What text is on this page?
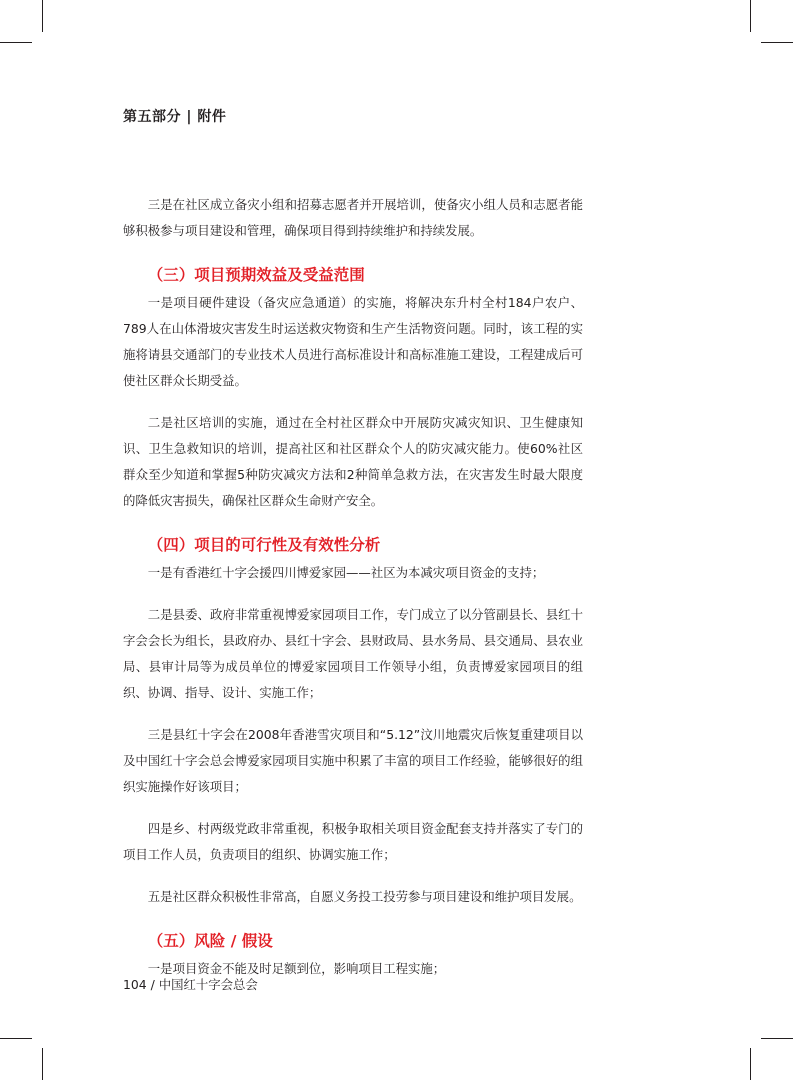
第五部分 | 附件

三是在社区成立备灾小组和招募志愿者并开展培训，使备灾小组人员和志愿者能够积极参与项目建设和管理，确保项目得到持续维护和持续发展。

（三）项目预期效益及受益范围

一是项目硬件建设（备灾应急通道）的实施，将解决东升村全村184户农户、789人在山体滑坡灾害发生时运送救灾物资和生产生活物资问题。同时，该工程的实施将请县交通部门的专业技术人员进行高标准设计和高标准施工建设，工程建成后可使社区群众长期受益。

二是社区培训的实施，通过在全村社区群众中开展防灾减灾知识、卫生健康知识、卫生急救知识的培训，提高社区和社区群众个人的防灾减灾能力。使60%社区群众至少知道和掌握5种防灾减灾方法和2种简单急救方法，在灾害发生时最大限度的降低灾害损失，确保社区群众生命财产安全。

（四）项目的可行性及有效性分析

一是有香港红十字会援四川博爱家园——社区为本减灾项目资金的支持；

二是县委、政府非常重视博爱家园项目工作，专门成立了以分管副县长、县红十字会会长为组长，县政府办、县红十字会、县财政局、县水务局、县交通局、县农业局、县审计局等为成员单位的博爱家园项目工作领导小组，负责博爱家园项目的组织、协调、指导、设计、实施工作；

三是县红十字会在2008年香港雪灾项目和“5.12”汶川地震灾后恢复重建项目以及中国红十字会总会博爱家园项目实施中积累了丰富的项目工作经验，能够很好的组织实施操作好该项目；

四是乡、村两级党政非常重视，积极争取相关项目资金配套支持并落实了专门的项目工作人员，负责项目的组织、协调实施工作；

五是社区群众积极性非常高，自愿义务投工投劳参与项目建设和维护项目发展。

（五）风险 / 假设

一是项目资金不能及时足额到位，影响项目工程实施；

104 / 中国红十字会总会
